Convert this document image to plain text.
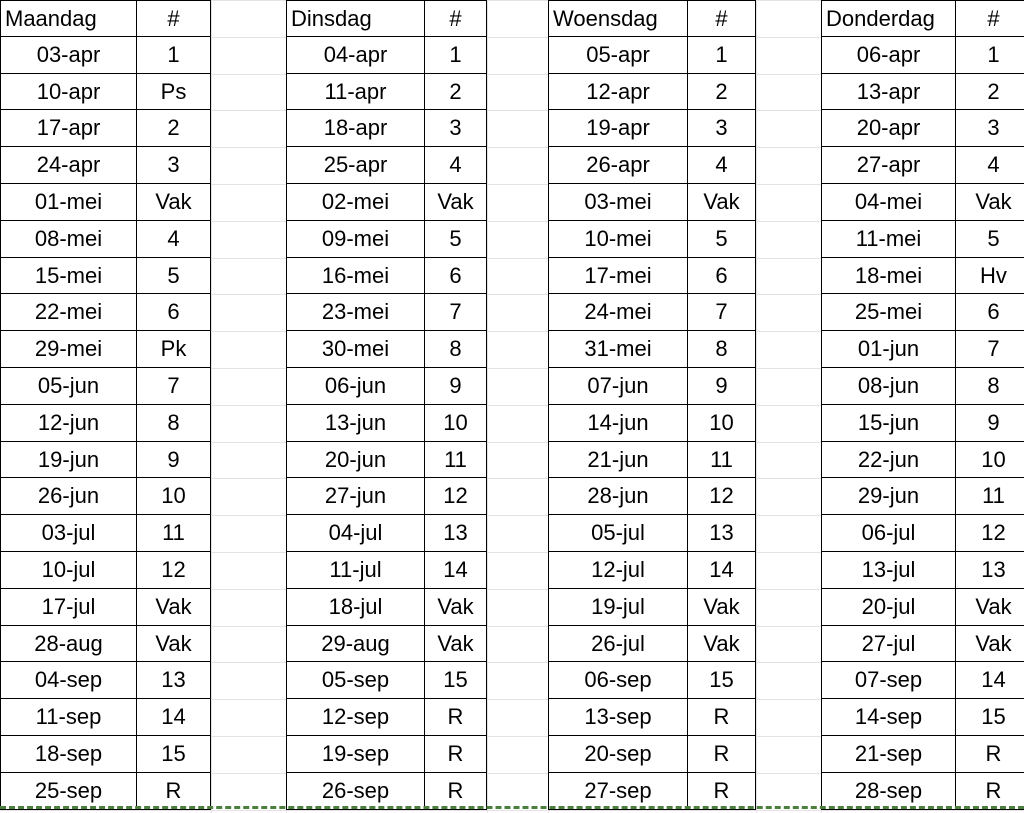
Maandag	#
03-apr	1
10-apr	Ps
17-apr	2
24-apr	3
01-mei	Vak
08-mei	4
15-mei	5
22-mei	6
29-mei	Pk
05-jun	7
12-jun	8
19-jun	9
26-jun	10
03-jul	11
10-jul	12
17-jul	Vak
28-aug	Vak
04-sep	13
11-sep	14
18-sep	15
25-sep	R
Dinsdag	#
04-apr	1
11-apr	2
18-apr	3
25-apr	4
02-mei	Vak
09-mei	5
16-mei	6
23-mei	7
30-mei	8
06-jun	9
13-jun	10
20-jun	11
27-jun	12
04-jul	13
11-jul	14
18-jul	Vak
29-aug	Vak
05-sep	15
12-sep	R
19-sep	R
26-sep	R
Woensdag	#
05-apr	1
12-apr	2
19-apr	3
26-apr	4
03-mei	Vak
10-mei	5
17-mei	6
24-mei	7
31-mei	8
07-jun	9
14-jun	10
21-jun	11
28-jun	12
05-jul	13
12-jul	14
19-jul	Vak
26-jul	Vak
06-sep	15
13-sep	R
20-sep	R
27-sep	R
Donderdag	#
06-apr	1
13-apr	2
20-apr	3
27-apr	4
04-mei	Vak
11-mei	5
18-mei	Hv
25-mei	6
01-jun	7
08-jun	8
15-jun	9
22-jun	10
29-jun	11
06-jul	12
13-jul	13
20-jul	Vak
27-jul	Vak
07-sep	14
14-sep	15
21-sep	R
28-sep	R
